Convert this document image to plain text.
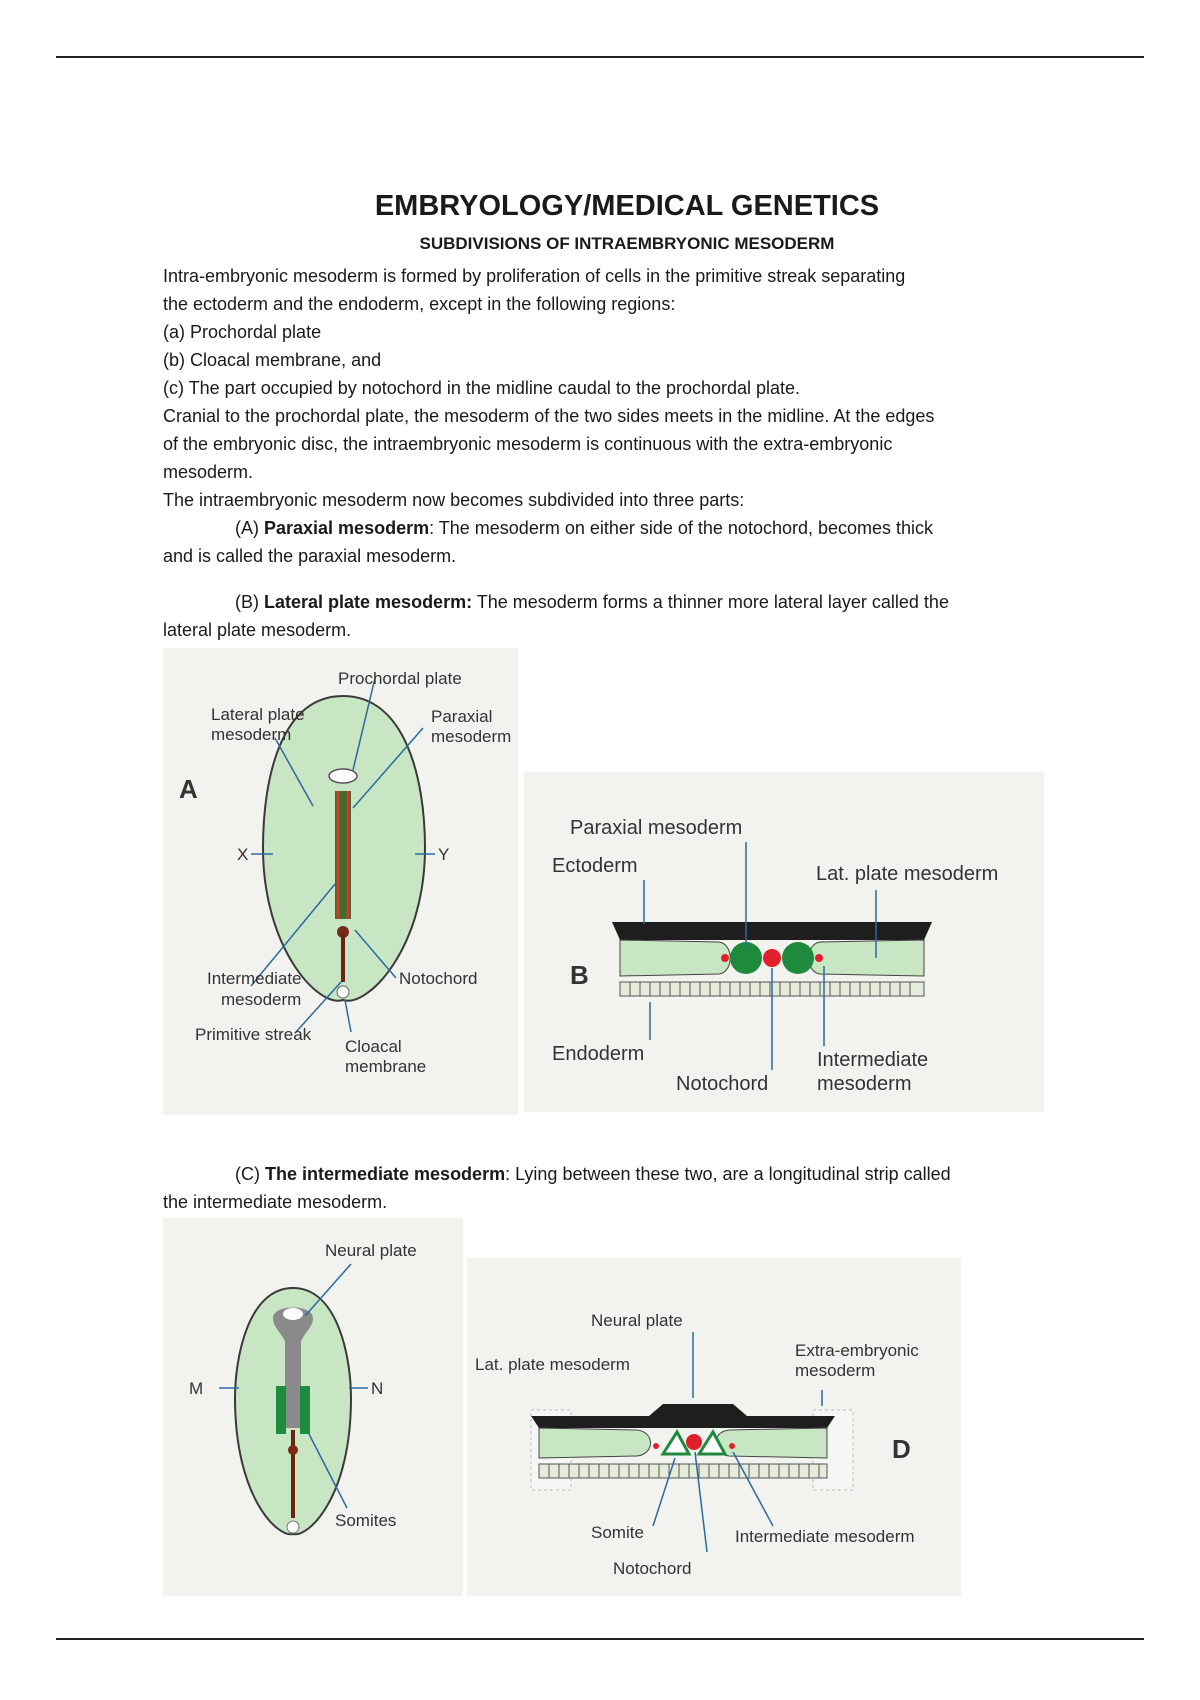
EMBRYOLOGY/MEDICAL GENETICS
SUBDIVISIONS OF INTRAEMBRYONIC MESODERM

Intra-embryonic mesoderm is formed by proliferation of cells in the primitive streak separating
the ectoderm and the endoderm, except in the following regions:
(a) Prochordal plate
(b) Cloacal membrane, and
(c) The part occupied by notochord in the midline caudal to the prochordal plate.
Cranial to the prochordal plate, the mesoderm of the two sides meets in the midline. At the edges
of the embryonic disc, the intraembryonic mesoderm is continuous with the extra-embryonic
mesoderm.
The intraembryonic mesoderm now becomes subdivided into three parts:
(A) Paraxial mesoderm: The mesoderm on either side of the notochord, becomes thick
and is called the paraxial mesoderm.

(B) Lateral plate mesoderm: The mesoderm forms a thinner more lateral layer called the
lateral plate mesoderm.

A
Prochordal plate
Lateral plate
mesoderm
Paraxial
mesoderm
X	Y
Intermediate
mesoderm
Notochord
Primitive streak
Cloacal
membrane
B
Paraxial mesoderm
Ectoderm	Lat. plate mesoderm
Endoderm
Notochord
Intermediate
mesoderm

(C) The intermediate mesoderm: Lying between these two, are a longitudinal strip called
the intermediate mesoderm.

Neural plate
M	N
Somites
D
Neural plate
Lat. plate mesoderm
Extra-embryonic
mesoderm
Somite	Intermediate mesoderm
Notochord
